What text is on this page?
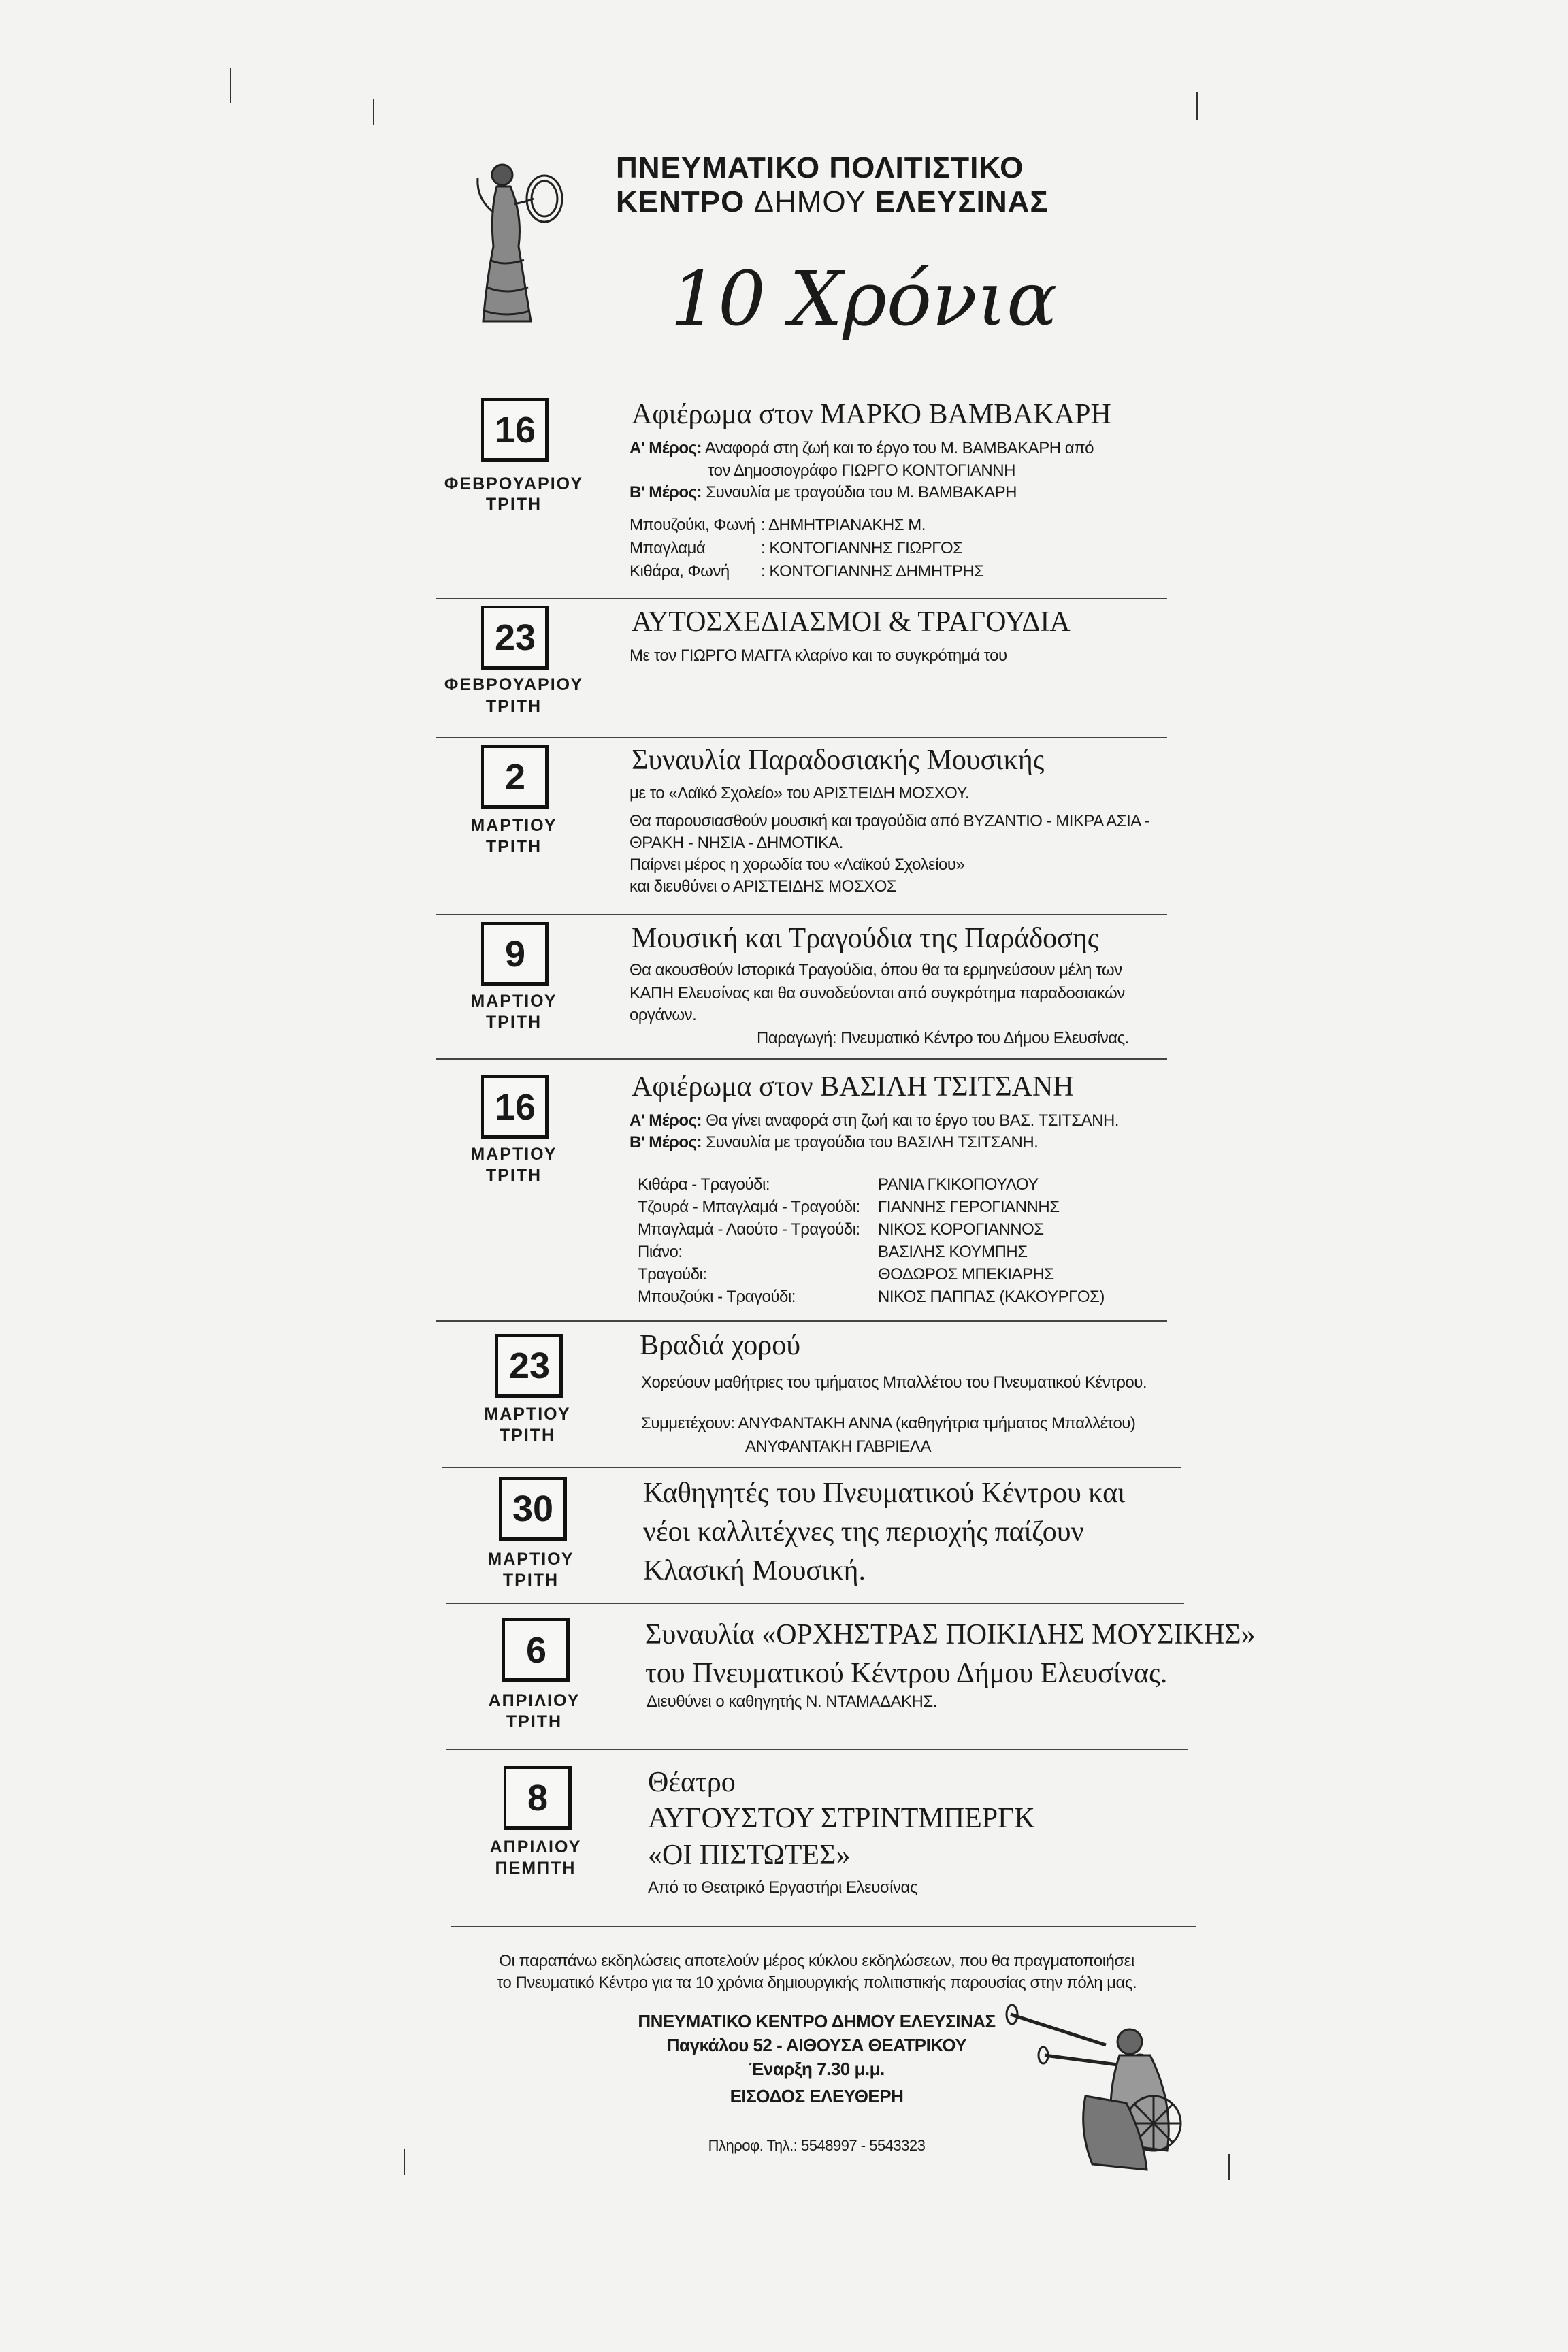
ΠΝΕΥΜΑΤΙΚΟ ΠΟΛΙΤΙΣΤΙΚΟ
ΚΕΝΤΡΟ ΔΗΜΟΥ ΕΛΕΥΣΙΝΑΣ
10 Χρόνια
16
ΦΕΒΡΟΥΑΡΙΟΥ
ΤΡΙΤΗ
Αφιέρωμα στον ΜΑΡΚΟ ΒΑΜΒΑΚΑΡΗ
Α' Μέρος: Αναφορά στη ζωή και το έργο του Μ. ΒΑΜΒΑΚΑΡΗ από
τον Δημοσιογράφο ΓΙΩΡΓΟ ΚΟΝΤΟΓΙΑΝΝΗ
Β' Μέρος: Συναυλία με τραγούδια του Μ. ΒΑΜΒΑΚΑΡΗ
Μπουζούκι, Φωνή : ΔΗΜΗΤΡΙΑΝΑΚΗΣ Μ.
Μπαγλαμά	: ΚΟΝΤΟΓΙΑΝΝΗΣ ΓΙΩΡΓΟΣ
Κιθάρα, Φωνή : ΚΟΝΤΟΓΙΑΝΝΗΣ ΔΗΜΗΤΡΗΣ
23
ΦΕΒΡΟΥΑΡΙΟΥ
ΤΡΙΤΗ
ΑΥΤΟΣΧΕΔΙΑΣΜΟΙ & ΤΡΑΓΟΥΔΙΑ
Με τον ΓΙΩΡΓΟ ΜΑΓΓΑ κλαρίνο και το συγκρότημά του
2
ΜΑΡΤΙΟΥ
ΤΡΙΤΗ
Συναυλία Παραδοσιακής Μουσικής
με το «Λαϊκό Σχολείο» του ΑΡΙΣΤΕΙΔΗ ΜΟΣΧΟΥ.
Θα παρουσιασθούν μουσική και τραγούδια από ΒΥΖΑΝΤΙΟ - ΜΙΚΡΑ ΑΣΙΑ -
ΘΡΑΚΗ - ΝΗΣΙΑ - ΔΗΜΟΤΙΚΑ.
Παίρνει μέρος η χορωδία του «Λαϊκού Σχολείου»
και διευθύνει ο ΑΡΙΣΤΕΙΔΗΣ ΜΟΣΧΟΣ
9
ΜΑΡΤΙΟΥ
ΤΡΙΤΗ
Μουσική και Τραγούδια της Παράδοσης
Θα ακουσθούν Ιστορικά Τραγούδια, όπου θα τα ερμηνεύσουν μέλη των
ΚΑΠΗ Ελευσίνας και θα συνοδεύονται από συγκρότημα παραδοσιακών
οργάνων.
Παραγωγή: Πνευματικό Κέντρο του Δήμου Ελευσίνας.
16
ΜΑΡΤΙΟΥ
ΤΡΙΤΗ
Αφιέρωμα στον ΒΑΣΙΛΗ ΤΣΙΤΣΑΝΗ
Α' Μέρος: Θα γίνει αναφορά στη ζωή και το έργο του ΒΑΣ. ΤΣΙΤΣΑΝΗ.
Β' Μέρος: Συναυλία με τραγούδια του ΒΑΣΙΛΗ ΤΣΙΤΣΑΝΗ.
Κιθάρα - Τραγούδι:	ΡΑΝΙΑ ΓΚΙΚΟΠΟΥΛΟΥ
Τζουρά - Μπαγλαμά - Τραγούδι: ΓΙΑΝΝΗΣ ΓΕΡΟΓΙΑΝΝΗΣ
Μπαγλαμά - Λαούτο - Τραγούδι: ΝΙΚΟΣ ΚΟΡΟΓΙΑΝΝΟΣ
Πιάνο:	ΒΑΣΙΛΗΣ ΚΟΥΜΠΗΣ
Τραγούδι:	ΘΟΔΩΡΟΣ ΜΠΕΚΙΑΡΗΣ
Μπουζούκι - Τραγούδι:	ΝΙΚΟΣ ΠΑΠΠΑΣ (ΚΑΚΟΥΡΓΟΣ)
23
ΜΑΡΤΙΟΥ
ΤΡΙΤΗ
Βραδιά χορού
Χορεύουν μαθήτριες του τμήματος Μπαλλέτου του Πνευματικού Κέντρου.
Συμμετέχουν: ΑΝΥΦΑΝΤΑΚΗ ΑΝΝΑ (καθηγήτρια τμήματος Μπαλλέτου)
ΑΝΥΦΑΝΤΑΚΗ ΓΑΒΡΙΕΛΑ
30
ΜΑΡΤΙΟΥ
ΤΡΙΤΗ
Καθηγητές του Πνευματικού Κέντρου και
νέοι καλλιτέχνες της περιοχής παίζουν
Κλασική Μουσική.
6
ΑΠΡΙΛΙΟΥ
ΤΡΙΤΗ
Συναυλία «ΟΡΧΗΣΤΡΑΣ ΠΟΙΚΙΛΗΣ ΜΟΥΣΙΚΗΣ»
του Πνευματικού Κέντρου Δήμου Ελευσίνας.
Διευθύνει ο καθηγητής Ν. ΝΤΑΜΑΔΑΚΗΣ.
8
ΑΠΡΙΛΙΟΥ
ΠΕΜΠΤΗ
Θέατρο
ΑΥΓΟΥΣΤΟΥ ΣΤΡΙΝΤΜΠΕΡΓΚ
«ΟΙ ΠΙΣΤΩΤΕΣ»
Από το Θεατρικό Εργαστήρι Ελευσίνας
Οι παραπάνω εκδηλώσεις αποτελούν μέρος κύκλου εκδηλώσεων, που θα πραγματοποιήσει
το Πνευματικό Κέντρο για τα 10 χρόνια δημιουργικής πολιτιστικής παρουσίας στην πόλη μας.
ΠΝΕΥΜΑΤΙΚΟ ΚΕΝΤΡΟ ΔΗΜΟΥ ΕΛΕΥΣΙΝΑΣ
Παγκάλου 52 - ΑΙΘΟΥΣΑ ΘΕΑΤΡΙΚΟΥ
Έναρξη 7.30 μ.μ.
ΕΙΣΟΔΟΣ ΕΛΕΥΘΕΡΗ
Πληροφ. Τηλ.: 5548997 - 5543323
